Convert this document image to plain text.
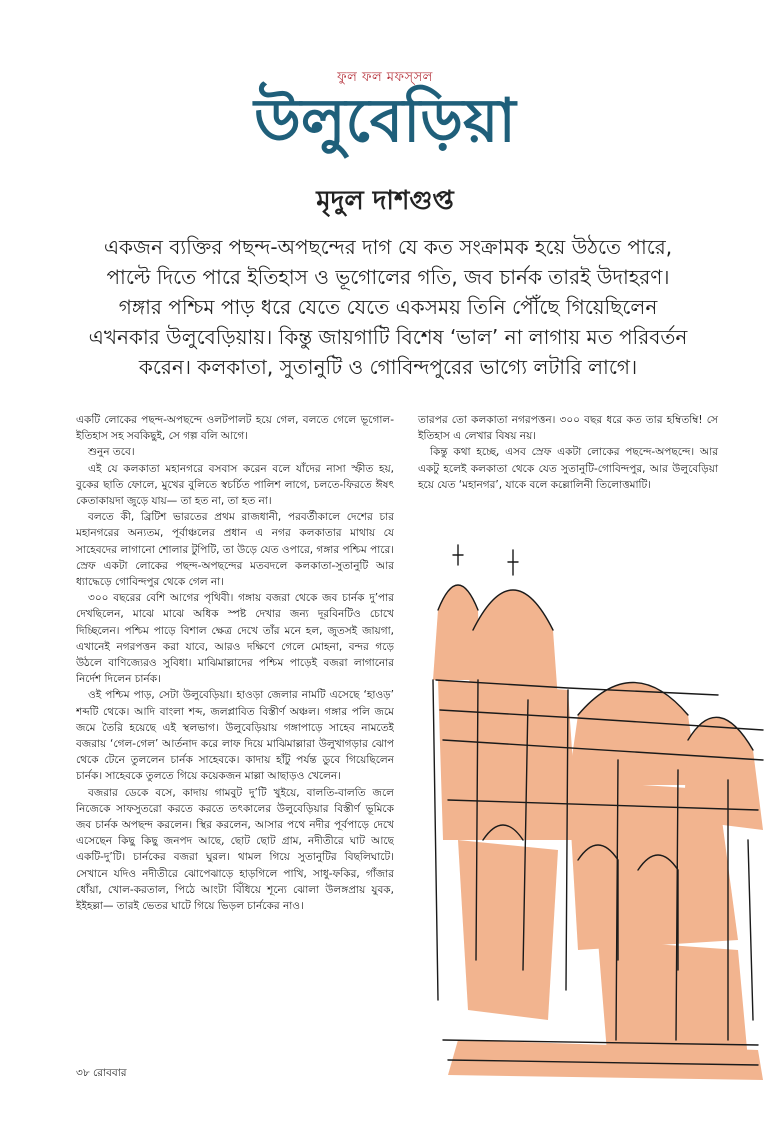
ফুল ফল মফস্‌সল
উলুবেড়িয়া
মৃদুল দাশগুপ্ত
একজন ব্যক্তির পছন্দ-অপছন্দের দাগ যে কত সংক্রামক হয়ে উঠতে পারে, পাল্টে দিতে পারে ইতিহাস ও ভূগোলের গতি, জব চার্নক তারই উদাহরণ। গঙ্গার পশ্চিম পাড় ধরে যেতে যেতে একসময় তিনি পৌঁছে গিয়েছিলেন এখনকার উলুবেড়িয়ায়। কিন্তু জায়গাটি বিশেষ ‘ভাল’ না লাগায় মত পরিবর্তন করেন। কলকাতা, সুতানুটি ও গোবিন্দপুরের ভাগ্যে লটারি লাগে।

একটি লোকের পছন্দ-অপছন্দে ওলটপালট হয়ে গেল, বলতে গেলে ভূগোল-ইতিহাস সহ সবকিছুই, সে গল্প বলি আগে।

শুনুন তবে।

এই যে কলকাতা মহানগরে বসবাস করেন বলে যাঁদের নাসা স্ফীত হয়, বুকের ছাতি ফোলে, মুখের বুলিতে স্বচর্চিত পালিশ লাগে, চলতে-ফিরতে ঈষৎ কেতাকায়দা জুড়ে যায়— তা হত না, তা হত না।

বলতে কী, ব্রিটিশ ভারতের প্রথম রাজধানী, পরবর্তীকালে দেশের চার মহানগরের অন্যতম, পূর্বাঞ্চলের প্রধান এ নগর কলকাতার মাথায় যে সাহেবদের লাগানো শোলার টুপিটি, তা উড়ে যেত ওপারে, গঙ্গার পশ্চিম পারে। স্রেফ একটা লোকের পছন্দ-অপছন্দের মতবদলে কলকাতা-সুতানুটি আর ধ্যাদ্ধেড়ে গোবিন্দপুর থেকে গেল না।

৩০০ বছরের বেশি আগের পৃথিবী। গঙ্গায় বজরা থেকে জব চার্নক দু’পার দেখছিলেন, মাঝে মাঝে অধিক স্পষ্ট দেখার জন্য দূরবিনটিও চোখে দিচ্ছিলেন। পশ্চিম পাড়ে বিশাল ক্ষেত্র দেখে তাঁর মনে হল, জুতসই জায়গা, এখানেই নগরপত্তন করা যাবে, আরও দক্ষিণে গেলে মোহনা, বন্দর গড়ে উঠলে বাণিজ্যেরও সুবিধা। মাঝিমাল্লাদের পশ্চিম পাড়েই বজরা লাগানোর নির্দেশ দিলেন চার্নক।

ওই পশ্চিম পাড়, সেটা উলুবেড়িয়া। হাওড়া জেলার নামটি এসেছে ‘হাওড়’ শব্দটি থেকে। আদি বাংলা শব্দ, জলপ্লাবিত বিস্তীর্ণ অঞ্চল। গঙ্গার পলি জমে জমে তৈরি হয়েছে এই স্থলভাগ। উলুবেড়িয়ায় গঙ্গাপাড়ে সাহেব নামতেই বজরায় ‘গেল-গেল’ আর্তনাদ করে লাফ দিয়ে মাঝিমাল্লারা উলুখাগড়ার ঝোপ থেকে টেনে তুললেন চার্নক সাহেবকে। কাদায় হাঁটু পর্যন্ত ডুবে গিয়েছিলেন চার্নক। সাহেবকে তুলতে গিয়ে কয়েকজন মাল্লা আছাড়ও খেলেন।

বজরার ডেকে বসে, কাদায় গামবুট দু’টি খুইয়ে, বালতি-বালতি জলে নিজেকে সাফসুতরো করতে করতে তৎকালের উলুবেড়িয়ার বিস্তীর্ণ ভূমিকে জব চার্নক অপছন্দ করলেন। স্থির করলেন, আসার পথে নদীর পূর্বপাড়ে দেখে এসেছেন কিছু কিছু জনপদ আছে, ছোট ছোট গ্রাম, নদীতীরে ঘাট আছে একটি-দু’টি। চার্নকের বজরা ঘুরল। থামল গিয়ে সুতানুটির বিছলিঘাটে। সেখানে যদিও নদীতীরে ঝোপেঝাড়ে হাড়গিলে পাখি, সাধু-ফকির, গাঁজার ধোঁয়া, খোল-করতাল, পিঠে আংটা বিঁধিয়ে শূন্যে ঝোলা উলঙ্গপ্রায় যুবক, ইইহল্লা— তারই ভেতর ঘাটে গিয়ে ভিড়ল চার্নকের নাও।

তারপর তো কলকাতা নগরপত্তন। ৩০০ বছর ধরে কত তার হম্বিতম্বি! সে ইতিহাস এ লেখার বিষয় নয়।

কিন্তু কথা হচ্ছে, এসব স্রেফ একটা লোকের পছন্দে-অপছন্দে। আর একটু হলেই কলকাতা থেকে যেত সুতানুটি-গোবিন্দপুর, আর উলুবেড়িয়া হয়ে যেত ‘মহানগর’, যাকে বলে কল্লোলিনী তিলোত্তমাটি।

৩৮ রোববার
